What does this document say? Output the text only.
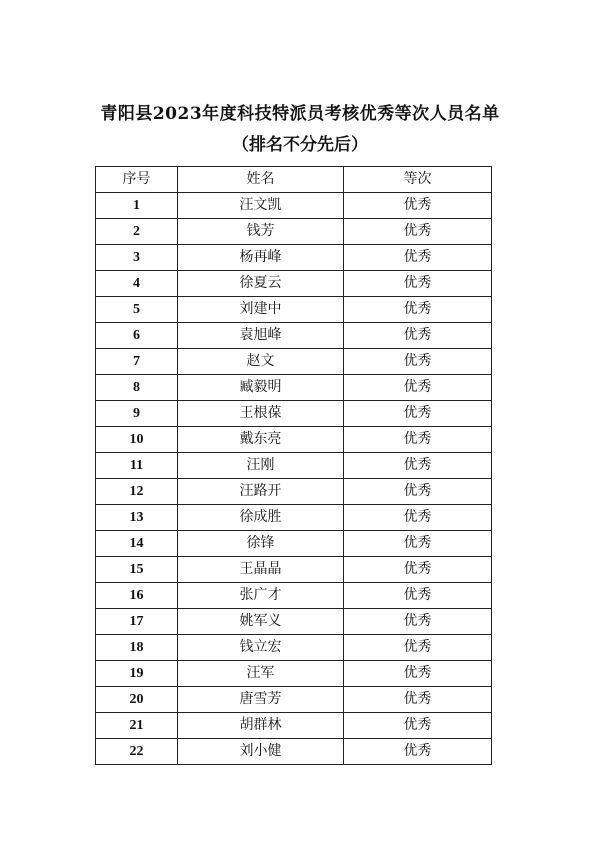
青阳县2023年度科技特派员考核优秀等次人员名单
（排名不分先后）
序号	姓名	等次
1	汪文凯	优秀
2	钱芳	优秀
3	杨再峰	优秀
4	徐夏云	优秀
5	刘建中	优秀
6	袁旭峰	优秀
7	赵文	优秀
8	臧毅明	优秀
9	王根葆	优秀
10	戴东亮	优秀
11	汪刚	优秀
12	汪路开	优秀
13	徐成胜	优秀
14	徐锋	优秀
15	王晶晶	优秀
16	张广才	优秀
17	姚军义	优秀
18	钱立宏	优秀
19	汪军	优秀
20	唐雪芳	优秀
21	胡群林	优秀
22	刘小健	优秀
